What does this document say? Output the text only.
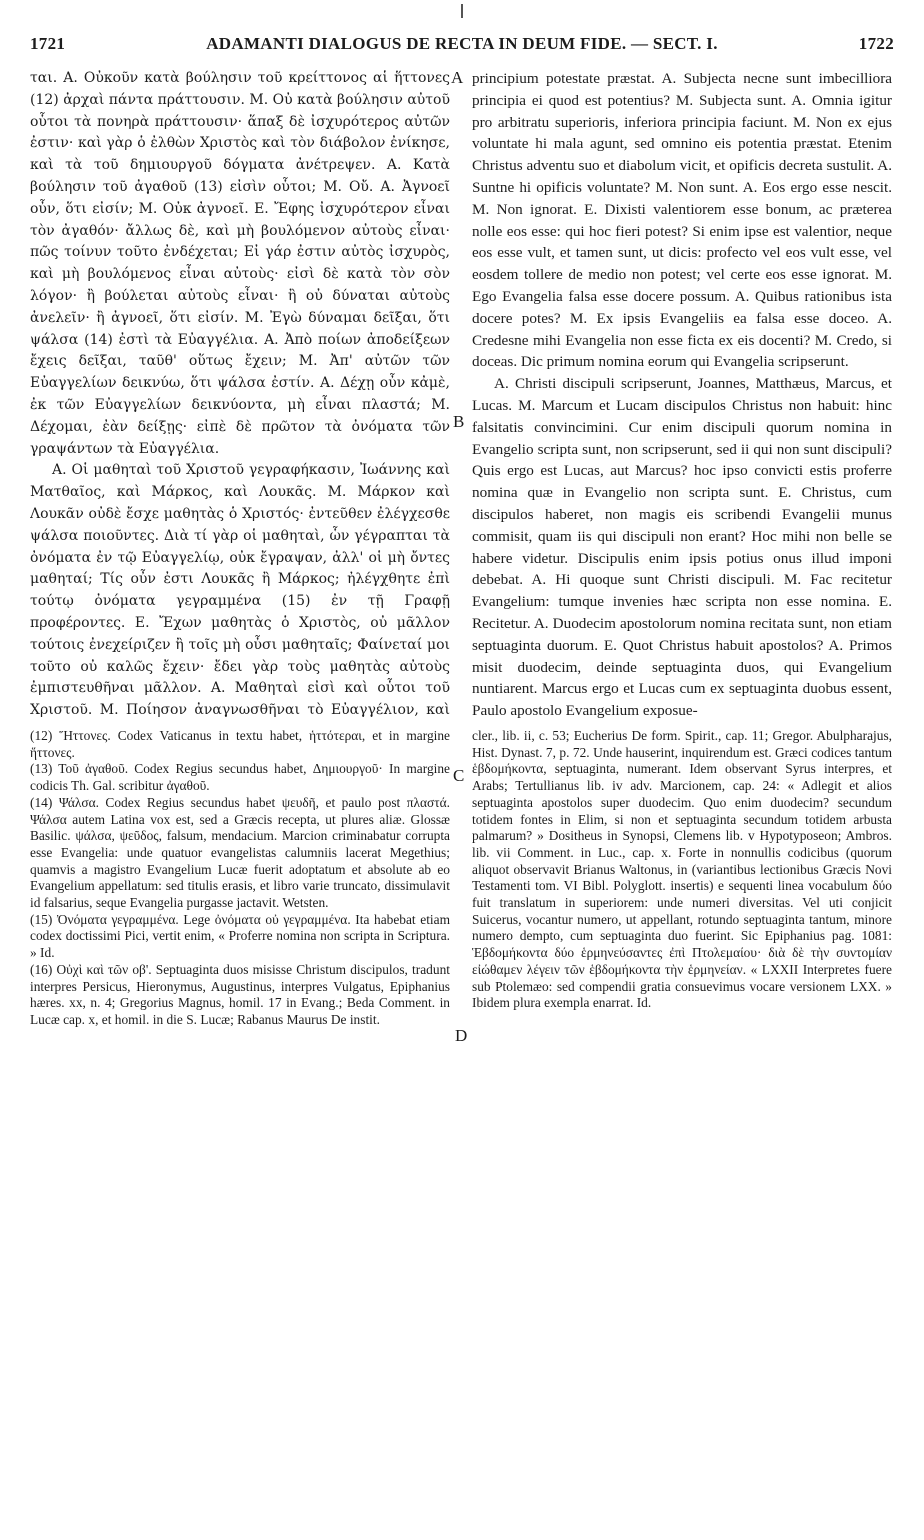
1721	ADAMANTI DIALOGUS DE RECTA IN DEUM FIDE. — SECT. I.	1722

ται. Α. Οὐκοῦν κατὰ βούλησιν τοῦ κρείττονος αἱ ἥττονες (12) ἀρχαὶ πάντα πράττουσιν. Μ. Οὐ κατὰ βούλησιν αὐτοῦ οὗτοι τὰ πονηρὰ πράττουσιν· ἅπαξ δὲ ἰσχυρότερος αὐτῶν ἐστιν· καὶ γὰρ ὁ ἐλθὼν Χριστὸς καὶ τὸν διάβολον ἐνίκησε, καὶ τὰ τοῦ δημιουργοῦ δόγματα ἀνέτρεψεν. Α. Κατὰ βούλησιν τοῦ ἀγαθοῦ (13) εἰσὶν οὗτοι; Μ. Οὔ. Α. Ἀγνοεῖ οὖν, ὅτι εἰσίν; Μ. Οὐκ ἀγνοεῖ. Ε. Ἔφης ἰσχυρότερον εἶναι τὸν ἀγαθόν· ἄλλως δὲ, καὶ μὴ βουλόμενον αὐτοὺς εἶναι· πῶς τοίνυν τοῦτο ἐνδέχεται; Εἰ γάρ ἐστιν αὐτὸς ἰσχυρὸς, καὶ μὴ βουλόμενος εἶναι αὐτοὺς· εἰσὶ δὲ κατὰ τὸν σὸν λόγον· ἢ βούλεται αὐτοὺς εἶναι· ἢ οὐ δύναται αὐτοὺς ἀνελεῖν· ἢ ἀγνοεῖ, ὅτι εἰσίν. Μ. Ἐγὼ δύναμαι δεῖξαι, ὅτι ψάλσα (14) ἐστὶ τὰ Εὐαγγέλια. Α. Ἀπὸ ποίων ἀποδείξεων ἔχεις δεῖξαι, ταῦθ' οὕτως ἔχειν; Μ. Ἀπ' αὐτῶν τῶν Εὐαγγελίων δεικνύω, ὅτι ψάλσα ἐστίν. Α. Δέχῃ οὖν κἀμὲ, ἐκ τῶν Εὐαγγελίων δεικνύοντα, μὴ εἶναι πλαστά; Μ. Δέχομαι, ἐὰν δείξῃς· εἰπὲ δὲ πρῶτον τὰ ὀνόματα τῶν γραψάντων τὰ Εὐαγγέλια.

Α. Οἱ μαθηταὶ τοῦ Χριστοῦ γεγραφήκασιν, Ἰωάννης καὶ Ματθαῖος, καὶ Μάρκος, καὶ Λουκᾶς. Μ. Μάρκον καὶ Λουκᾶν οὐδὲ ἔσχε μαθητὰς ὁ Χριστός· ἐντεῦθεν ἐλέγχεσθε ψάλσα ποιοῦντες. Διὰ τί γὰρ οἱ μαθηταὶ, ὧν γέγραπται τὰ ὀνόματα ἐν τῷ Εὐαγγελίῳ, οὐκ ἔγραψαν, ἀλλ' οἱ μὴ ὄντες μαθηταί; Τίς οὖν ἐστι Λουκᾶς ἢ Μάρκος; ἠλέγχθητε ἐπὶ τούτῳ ὀνόματα γεγραμμένα (15) ἐν τῇ Γραφῇ προφέροντες. Ε. Ἔχων μαθητὰς ὁ Χριστὸς, οὐ μᾶλλον τούτοις ἐνεχείριζεν ἢ τοῖς μὴ οὖσι μαθηταῖς; Φαίνεταί μοι τοῦτο οὐ καλῶς ἔχειν· ἔδει γὰρ τοὺς μαθητὰς αὐτοὺς ἐμπιστευθῆναι μᾶλλον. Α. Μαθηταὶ εἰσὶ καὶ οὗτοι τοῦ Χριστοῦ. Μ. Ποίησον ἀναγνωσθῆναι τὸ Εὐαγγέλιον, καὶ

principium potestate præstat. A. Subjecta necne sunt imbecilliora principia ei quod est potentius? M. Subjecta sunt. A. Omnia igitur pro arbitratu superioris, inferiora principia faciunt. M. Non ex ejus voluntate hi mala agunt, sed omnino eis potentia præstat. Etenim Christus adventu suo et diabolum vicit, et opificis decreta sustulit. A. Suntne hi opificis voluntate? M. Non sunt. A. Eos ergo esse nescit. M. Non ignorat. E. Dixisti valentiorem esse bonum, ac præterea nolle eos esse: qui hoc fieri potest? Si enim ipse est valentior, neque eos esse vult, et tamen sunt, ut dicis: profecto vel eos vult esse, vel eosdem tollere de medio non potest; vel certe eos esse ignorat. M. Ego Evangelia falsa esse docere possum. A. Quibus rationibus ista docere potes? M. Ex ipsis Evangeliis ea falsa esse doceo. A. Credesne mihi Evangelia non esse ficta ex eis docenti? M. Credo, si doceas. Dic primum nomina eorum qui Evangelia scripserunt.

A. Christi discipuli scripserunt, Joannes, Matthæus, Marcus, et Lucas. M. Marcum et Lucam discipulos Christus non habuit: hinc falsitatis convincimini. Cur enim discipuli quorum nomina in Evangelio scripta sunt, non scripserunt, sed ii qui non sunt discipuli? Quis ergo est Lucas, aut Marcus? hoc ipso convicti estis proferre nomina quæ in Evangelio non scripta sunt. E. Christus, cum discipulos haberet, non magis eis scribendi Evangelii munus commisit, quam iis qui discipuli non erant? Hoc mihi non belle se habere videtur. Discipulis enim ipsis potius onus illud imponi debebat. A. Hi quoque sunt Christi discipuli. M. Fac recitetur Evangelium: tumque invenies hæc scripta non esse nomina. E. Recitetur. A. Duodecim apostolorum nomina recitata sunt, non etiam septuaginta duorum. E. Quot Christus habuit apostolos? A. Primos misit duodecim, deinde septuaginta duos, qui Evangelium nuntiarent. Marcus ergo et Lucas cum ex septuaginta duobus essent, Paulo apostolo Evangelium exposue-

A
B
C
D

(12) Ἥττονες. Codex Vaticanus in textu habet, ἡττότεραι, et in margine ἥττονες.

(13) Τοῦ ἀγαθοῦ. Codex Regius secundus habet, Δημιουργοῦ· In margine codicis Th. Gal. scribitur ἀγαθοῦ.

(14) Ψάλσα. Codex Regius secundus habet ψευδῆ, et paulo post πλαστά. Ψάλσα autem Latina vox est, sed a Græcis recepta, ut plures aliæ. Glossæ Basilic. ψάλσα, ψεῦδος, falsum, mendacium. Marcion criminabatur corrupta esse Evangelia: unde quatuor evangelistas calumniis lacerat Megethius; quamvis a magistro Evangelium Lucæ fuerit adoptatum et absolute ab eo Evangelium appellatum: sed titulis erasis, et libro varie truncato, dissimulavit id falsarius, seque Evangelia purgasse jactavit. Wetsten.

(15) Ὀνόματα γεγραμμένα. Lege ὀνόματα οὐ γεγραμμένα. Ita habebat etiam codex doctissimi Pici, vertit enim, « Proferre nomina non scripta in Scriptura. » Id.

(16) Οὐχὶ καὶ τῶν οβ'. Septuaginta duos misisse Christum discipulos, tradunt interpres Persicus, Hieronymus, Augustinus, interpres Vulgatus, Epiphanius hæres. xx, n. 4; Gregorius Magnus, homil. 17 in Evang.; Beda Comment. in Lucæ cap. x, et homil. in die S. Lucæ; Rabanus Maurus De instit.

cler., lib. ii, c. 53; Eucherius De form. Spirit., cap. 11; Gregor. Abulpharajus, Hist. Dynast. 7, p. 72. Unde hauserint, inquirendum est. Græci codices tantum ἑβδομήκοντα, septuaginta, numerant. Idem observant Syrus interpres, et Arabs; Tertullianus lib. iv adv. Marcionem, cap. 24: « Adlegit et alios septuaginta apostolos super duodecim. Quo enim duodecim? secundum totidem fontes in Elim, si non et septuaginta secundum totidem arbusta palmarum? » Dositheus in Synopsi, Clemens lib. v Hypotyposeon; Ambros. lib. vii Comment. in Luc., cap. x. Forte in nonnullis codicibus (quorum aliquot observavit Brianus Waltonus, in (variantibus lectionibus Græcis Novi Testamenti tom. VI Bibl. Polyglott. insertis) e sequenti linea vocabulum δύο fuit translatum in superiorem: unde numeri diversitas. Vel uti conjicit Suicerus, vocantur numero, ut appellant, rotundo septuaginta tantum, minore numero dempto, cum septuaginta duo fuerint. Sic Epiphanius pag. 1081: Ἑβδομήκοντα δύο ἑρμηνεύσαντες ἐπὶ Πτολεμαίου· διὰ δὲ τὴν συντομίαν εἰώθαμεν λέγειν τῶν ἑβδομήκοντα τὴν ἑρμηνείαν. « LXXII Interpretes fuere sub Ptolemæo: sed compendii gratia consuevimus vocare versionem LXX. » Ibidem plura exempla enarrat. Id.
